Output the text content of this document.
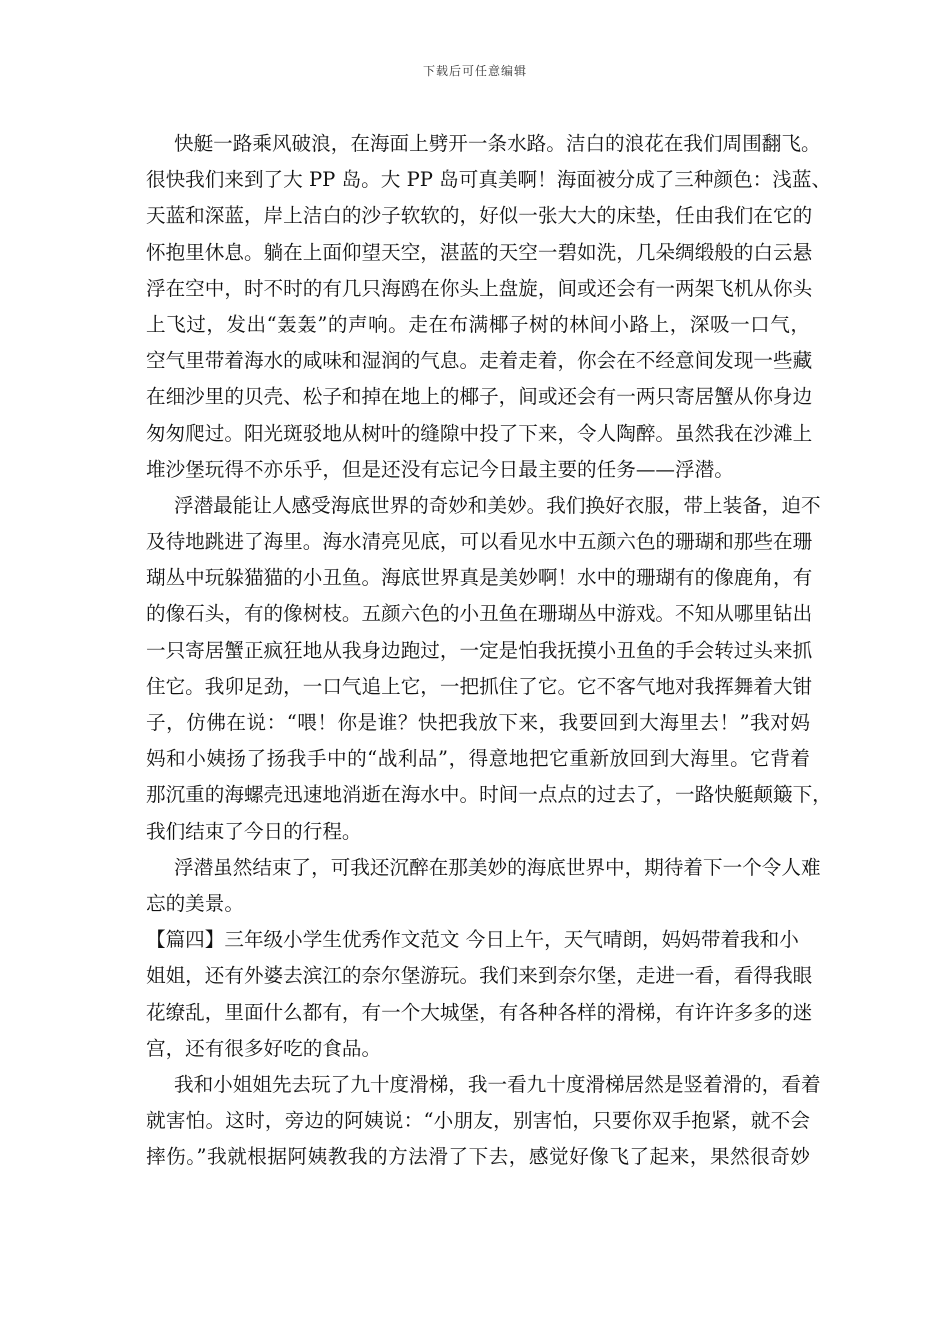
下载后可任意编辑
快艇一路乘风破浪，在海面上劈开一条水路。洁白的浪花在我们周围翻飞。
很快我们来到了大 PP 岛。大 PP 岛可真美啊！海面被分成了三种颜色：浅蓝、
天蓝和深蓝，岸上洁白的沙子软软的，好似一张大大的床垫，任由我们在它的
怀抱里休息。躺在上面仰望天空，湛蓝的天空一碧如洗，几朵绸缎般的白云悬
浮在空中，时不时的有几只海鸥在你头上盘旋，间或还会有一两架飞机从你头
上飞过，发出“轰轰”的声响。走在布满椰子树的林间小路上，深吸一口气，
空气里带着海水的咸味和湿润的气息。走着走着，你会在不经意间发现一些藏
在细沙里的贝壳、松子和掉在地上的椰子，间或还会有一两只寄居蟹从你身边
匆匆爬过。阳光斑驳地从树叶的缝隙中投了下来，令人陶醉。虽然我在沙滩上
堆沙堡玩得不亦乐乎，但是还没有忘记今日最主要的任务——浮潜。
浮潜最能让人感受海底世界的奇妙和美妙。我们换好衣服，带上装备，迫不
及待地跳进了海里。海水清亮见底，可以看见水中五颜六色的珊瑚和那些在珊
瑚丛中玩躲猫猫的小丑鱼。海底世界真是美妙啊！水中的珊瑚有的像鹿角，有
的像石头，有的像树枝。五颜六色的小丑鱼在珊瑚丛中游戏。不知从哪里钻出
一只寄居蟹正疯狂地从我身边跑过，一定是怕我抚摸小丑鱼的手会转过头来抓
住它。我卯足劲，一口气追上它，一把抓住了它。它不客气地对我挥舞着大钳
子，仿佛在说：“喂！你是谁？快把我放下来，我要回到大海里去！”我对妈
妈和小姨扬了扬我手中的“战利品”，得意地把它重新放回到大海里。它背着
那沉重的海螺壳迅速地消逝在海水中。时间一点点的过去了，一路快艇颠簸下，
我们结束了今日的行程。
浮潜虽然结束了，可我还沉醉在那美妙的海底世界中，期待着下一个令人难
忘的美景。
【篇四】三年级小学生优秀作文范文 今日上午，天气晴朗，妈妈带着我和小
姐姐，还有外婆去滨江的奈尔堡游玩。我们来到奈尔堡，走进一看，看得我眼
花缭乱，里面什么都有，有一个大城堡，有各种各样的滑梯，有许许多多的迷
宫，还有很多好吃的食品。
我和小姐姐先去玩了九十度滑梯，我一看九十度滑梯居然是竖着滑的，看着
就害怕。这时，旁边的阿姨说：“小朋友，别害怕，只要你双手抱紧，就不会
摔伤。”我就根据阿姨教我的方法滑了下去，感觉好像飞了起来，果然很奇妙
